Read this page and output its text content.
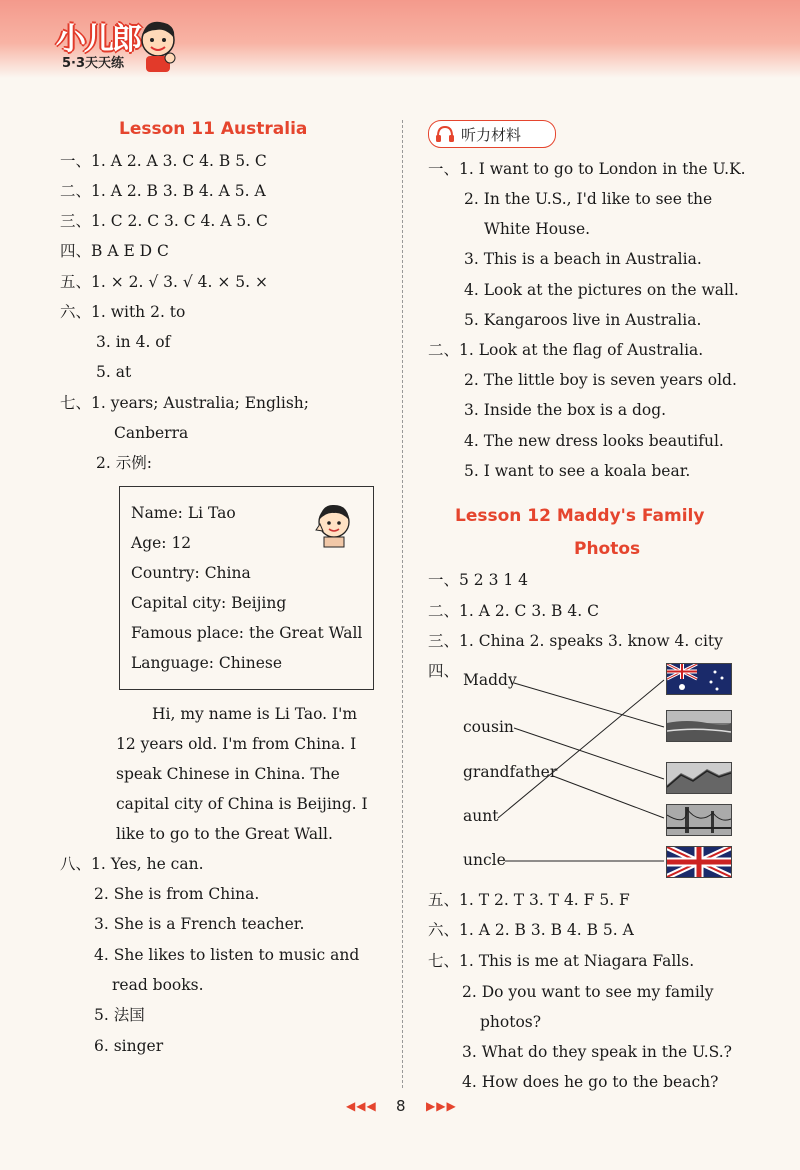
小儿郎
5·3天天练
Lesson 11 Australia
一、1. A 2. A 3. C 4. B 5. C
二、1. A 2. B 3. B 4. A 5. A
三、1. C 2. C 3. C 4. A 5. C
四、B A E D C
五、1. × 2. √ 3. √ 4. × 5. ×
六、1. with 2. to
3. in 4. of
5. at
七、1. years; Australia; English;
Canberra
2. 示例:
Name: Li Tao
Age: 12
Country: China
Capital city: Beijing
Famous place: the Great Wall
Language: Chinese
Hi, my name is Li Tao. I'm
12 years old. I'm from China. I
speak Chinese in China. The
capital city of China is Beijing. I
like to go to the Great Wall.
八、1. Yes, he can.
2. She is from China.
3. She is a French teacher.
4. She likes to listen to music and
read books.
5. 法国
6. singer
听力材料
一、1. I want to go to London in the U.K.
2. In the U.S., I'd like to see the
White House.
3. This is a beach in Australia.
4. Look at the pictures on the wall.
5. Kangaroos live in Australia.
二、1. Look at the flag of Australia.
2. The little boy is seven years old.
3. Inside the box is a dog.
4. The new dress looks beautiful.
5. I want to see a koala bear.
Lesson 12 Maddy's Family
Photos
一、5 2 3 1 4
二、1. A 2. C 3. B 4. C
三、1. China 2. speaks 3. know 4. city
四、 Maddy
cousin
grandfather
aunt
uncle
五、1. T 2. T 3. T 4. F 5. F
六、1. A 2. B 3. B 4. B 5. A
七、1. This is me at Niagara Falls.
2. Do you want to see my family
photos?
3. What do they speak in the U.S.?
4. How does he go to the beach?
◀◀◀ 8 ▶▶▶
